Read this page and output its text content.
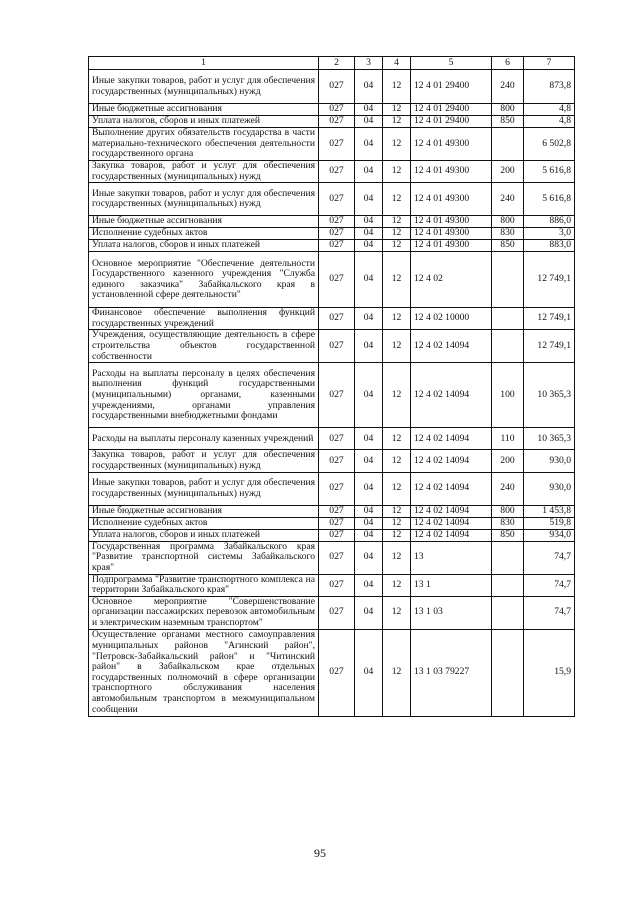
1	2	3	4	5	6	7
Иные закупки товаров, работ и услуг для обеспечения государственных (муниципальных) нужд	027	04	12	12 4 01 29400	240	873,8
Иные бюджетные ассигнования	027	04	12	12 4 01 29400	800	4,8
Уплата налогов, сборов и иных платежей	027	04	12	12 4 01 29400	850	4,8
Выполнение других обязательств государства в части материально-технического обеспечения деятельности государственного органа	027	04	12	12 4 01 49300		6 502,8
Закупка товаров, работ и услуг для обеспечения государственных (муниципальных) нужд	027	04	12	12 4 01 49300	200	5 616,8
Иные закупки товаров, работ и услуг для обеспечения государственных (муниципальных) нужд	027	04	12	12 4 01 49300	240	5 616,8
Иные бюджетные ассигнования	027	04	12	12 4 01 49300	800	886,0
Исполнение судебных актов	027	04	12	12 4 01 49300	830	3,0
Уплата налогов, сборов и иных платежей	027	04	12	12 4 01 49300	850	883,0
Основное мероприятие "Обеспечение деятельности Государственного казенного учреждения "Служба единого заказчика" Забайкальского края в установленной сфере деятельности"	027	04	12	12 4 02		12 749,1
Финансовое обеспечение выполнения функций государственных учреждений	027	04	12	12 4 02 10000		12 749,1
Учреждения, осуществляющие деятельность в сфере строительства объектов государственной собственности	027	04	12	12 4 02 14094		12 749,1
Расходы на выплаты персоналу в целях обеспечения выполнения функций государственными (муниципальными) органами, казенными учреждениями, органами управления государственными внебюджетными фондами	027	04	12	12 4 02 14094	100	10 365,3
Расходы на выплаты персоналу казенных учреждений	027	04	12	12 4 02 14094	110	10 365,3
Закупка товаров, работ и услуг для обеспечения государственных (муниципальных) нужд	027	04	12	12 4 02 14094	200	930,0
Иные закупки товаров, работ и услуг для обеспечения государственных (муниципальных) нужд	027	04	12	12 4 02 14094	240	930,0
Иные бюджетные ассигнования	027	04	12	12 4 02 14094	800	1 453,8
Исполнение судебных актов	027	04	12	12 4 02 14094	830	519,8
Уплата налогов, сборов и иных платежей	027	04	12	12 4 02 14094	850	934,0
Государственная программа Забайкальского края "Развитие транспортной системы Забайкальского края"	027	04	12	13		74,7
Подпрограмма "Развитие транспортного комплекса на территории Забайкальского края"	027	04	12	13 1		74,7
Основное мероприятие "Совершенствование организации пассажирских перевозок автомобильным и электрическим наземным транспортом"	027	04	12	13 1 03		74,7
Осуществление органами местного самоуправления муниципальных районов "Агинский район", "Петровск-Забайкальский район" и "Читинский район" в Забайкальском крае отдельных государственных полномочий в сфере организации транспортного обслуживания населения автомобильным транспортом в межмуниципальном сообщении	027	04	12	13 1 03 79227		15,9
95
